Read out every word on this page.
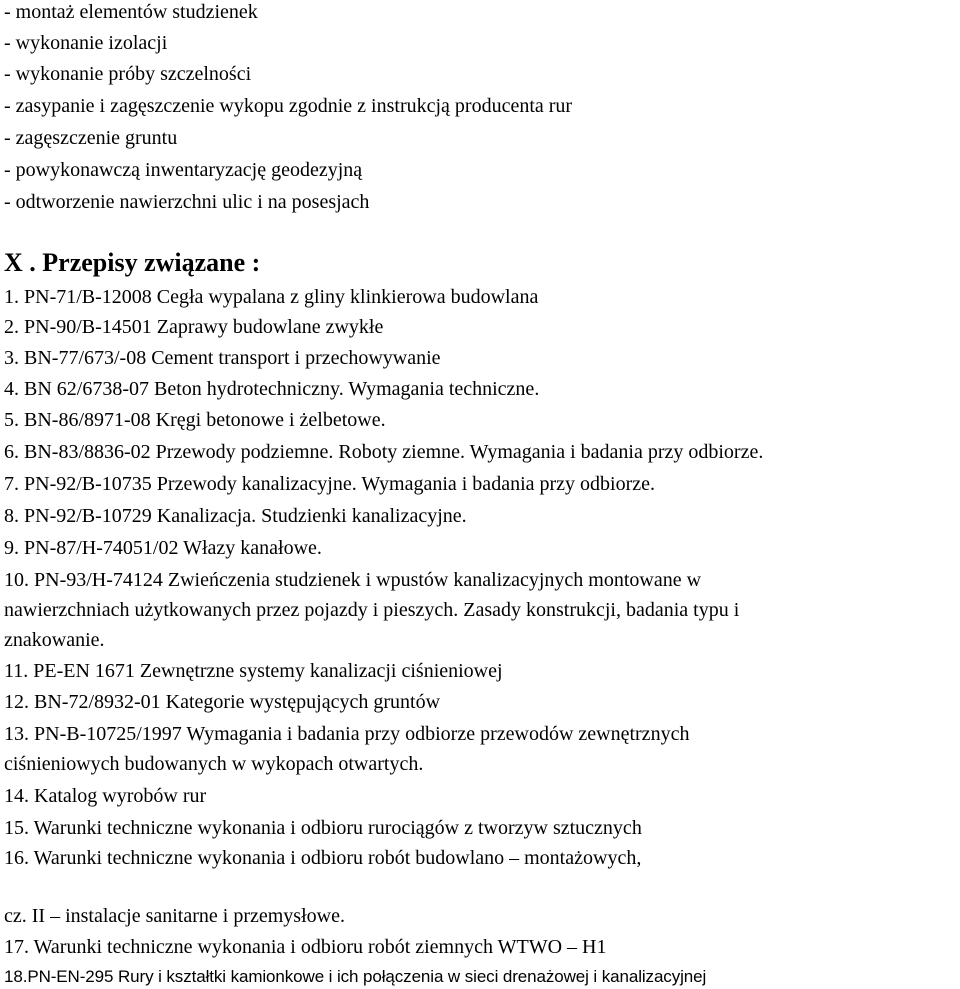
- montaż elementów studzienek
- wykonanie izolacji
- wykonanie próby szczelności
- zasypanie i zagęszczenie wykopu zgodnie z instrukcją producenta rur
- zagęszczenie gruntu
- powykonawczą inwentaryzację geodezyjną
- odtworzenie nawierzchni ulic i na posesjach
X . Przepisy związane :
1. PN-71/B-12008 Cegła wypalana z gliny klinkierowa budowlana
2. PN-90/B-14501 Zaprawy budowlane zwykłe
3. BN-77/673/-08 Cement transport i przechowywanie
4. BN 62/6738-07 Beton hydrotechniczny. Wymagania techniczne.
5. BN-86/8971-08 Kręgi betonowe i żelbetowe.
6. BN-83/8836-02 Przewody podziemne. Roboty ziemne. Wymagania i badania przy odbiorze.
7. PN-92/B-10735 Przewody kanalizacyjne. Wymagania i badania przy odbiorze.
8. PN-92/B-10729 Kanalizacja. Studzienki kanalizacyjne.
9. PN-87/H-74051/02 Włazy kanałowe.
10. PN-93/H-74124 Zwieńczenia studzienek i wpustów kanalizacyjnych montowane w
nawierzchniach użytkowanych przez pojazdy i pieszych. Zasady konstrukcji, badania typu i
znakowanie.
11. PE-EN 1671 Zewnętrzne systemy kanalizacji ciśnieniowej
12. BN-72/8932-01 Kategorie występujących gruntów
13. PN-B-10725/1997 Wymagania i badania przy odbiorze przewodów zewnętrznych
ciśnieniowych budowanych w wykopach otwartych.
14. Katalog wyrobów rur
15. Warunki techniczne wykonania i odbioru rurociągów z tworzyw sztucznych
16. Warunki techniczne wykonania i odbioru robót budowlano – montażowych,
cz. II – instalacje sanitarne i przemysłowe.
17. Warunki techniczne wykonania i odbioru robót ziemnych WTWO – H1
18.PN-EN-295 Rury i kształtki kamionkowe i ich połączenia w sieci drenażowej i kanalizacyjnej
